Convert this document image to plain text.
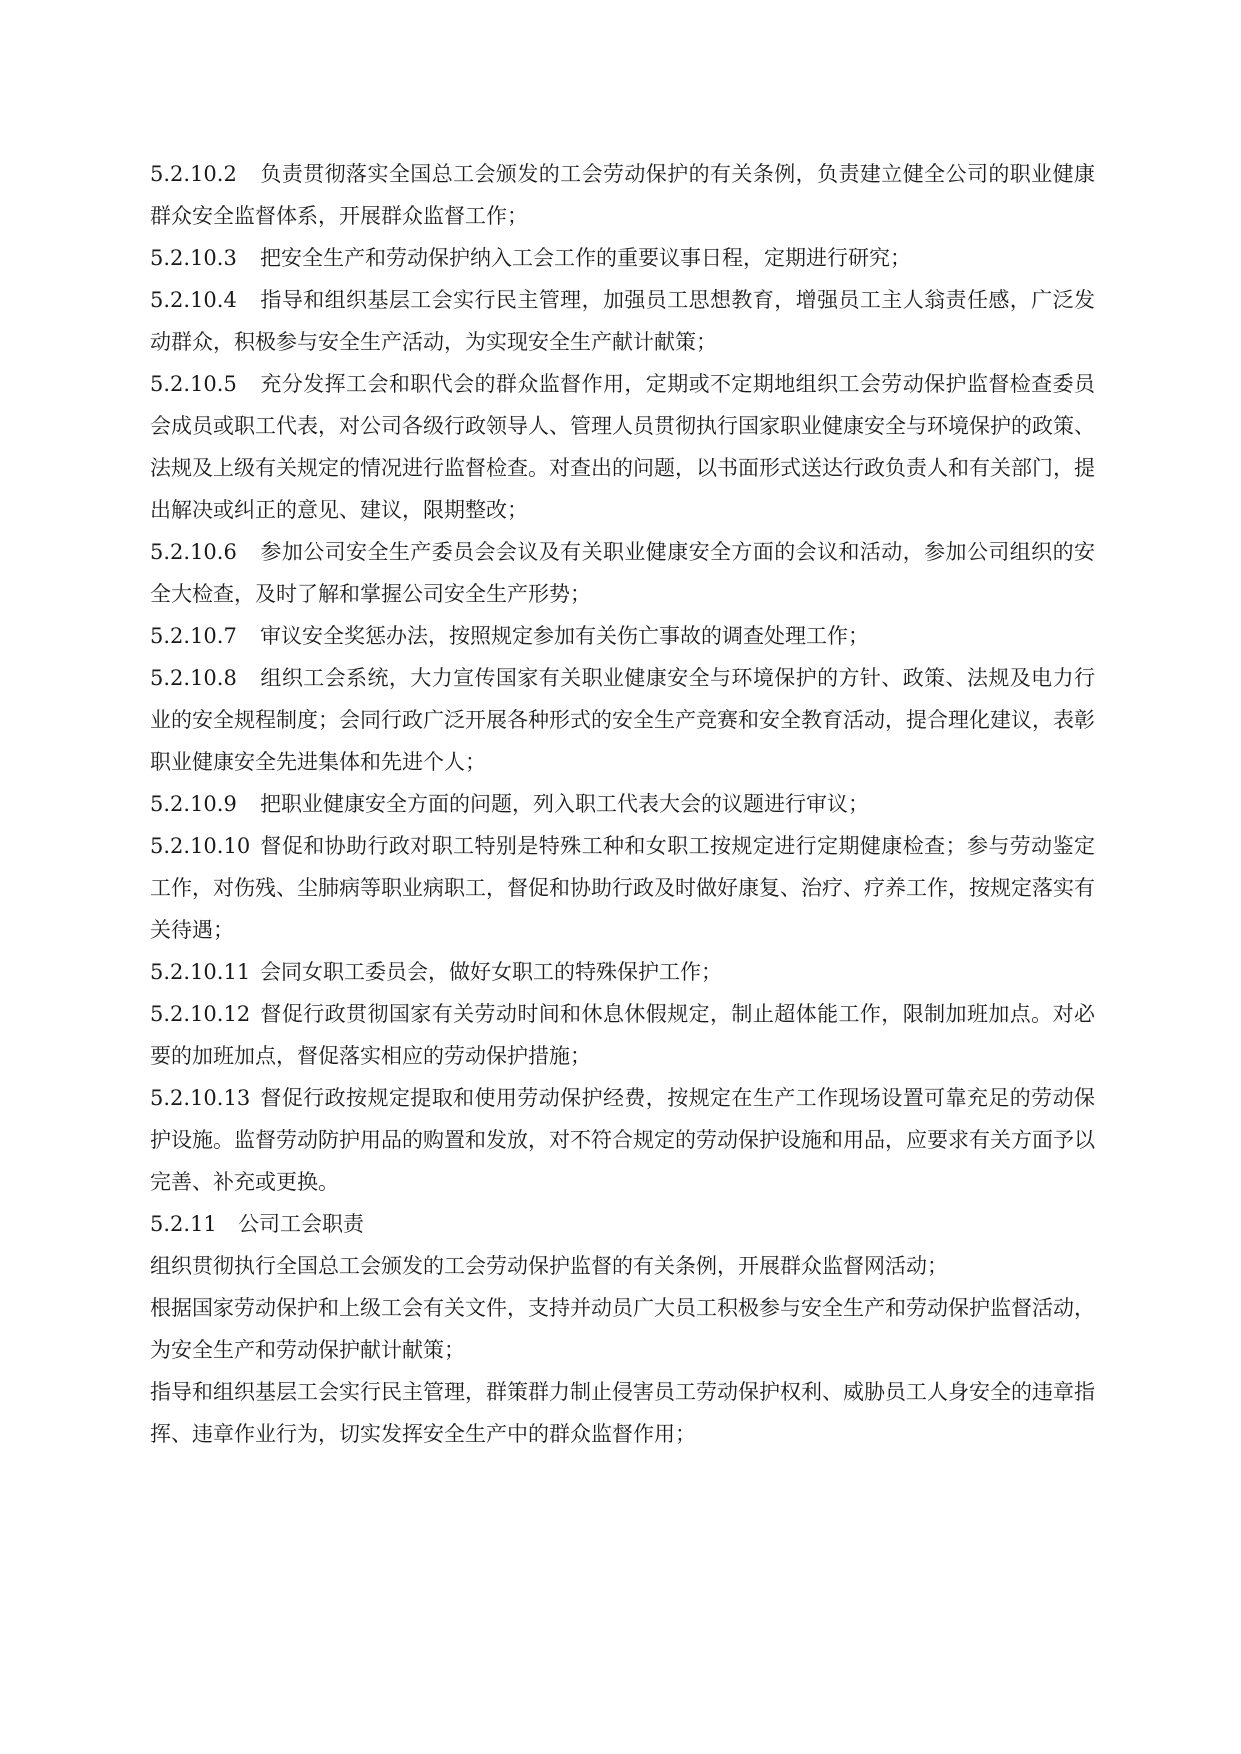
5.2.10.2 负责贯彻落实全国总工会颁发的工会劳动保护的有关条例，负责建立健全公司的职业健康群众安全监督体系，开展群众监督工作；

5.2.10.3 把安全生产和劳动保护纳入工会工作的重要议事日程，定期进行研究；

5.2.10.4 指导和组织基层工会实行民主管理，加强员工思想教育，增强员工主人翁责任感，广泛发动群众，积极参与安全生产活动，为实现安全生产献计献策；

5.2.10.5 充分发挥工会和职代会的群众监督作用，定期或不定期地组织工会劳动保护监督检查委员会成员或职工代表，对公司各级行政领导人、管理人员贯彻执行国家职业健康安全与环境保护的政策、法规及上级有关规定的情况进行监督检查。对查出的问题，以书面形式送达行政负责人和有关部门，提出解决或纠正的意见、建议，限期整改；

5.2.10.6 参加公司安全生产委员会会议及有关职业健康安全方面的会议和活动，参加公司组织的安全大检查，及时了解和掌握公司安全生产形势；

5.2.10.7 审议安全奖惩办法，按照规定参加有关伤亡事故的调查处理工作；

5.2.10.8 组织工会系统，大力宣传国家有关职业健康安全与环境保护的方针、政策、法规及电力行业的安全规程制度；会同行政广泛开展各种形式的安全生产竞赛和安全教育活动，提合理化建议，表彰职业健康安全先进集体和先进个人；

5.2.10.9 把职业健康安全方面的问题，列入职工代表大会的议题进行审议；

5.2.10.10 督促和协助行政对职工特别是特殊工种和女职工按规定进行定期健康检查；参与劳动鉴定工作，对伤残、尘肺病等职业病职工，督促和协助行政及时做好康复、治疗、疗养工作，按规定落实有关待遇；

5.2.10.11 会同女职工委员会，做好女职工的特殊保护工作；

5.2.10.12 督促行政贯彻国家有关劳动时间和休息休假规定，制止超体能工作，限制加班加点。对必要的加班加点，督促落实相应的劳动保护措施；

5.2.10.13 督促行政按规定提取和使用劳动保护经费，按规定在生产工作现场设置可靠充足的劳动保护设施。监督劳动防护用品的购置和发放，对不符合规定的劳动保护设施和用品，应要求有关方面予以完善、补充或更换。

5.2.11 公司工会职责

组织贯彻执行全国总工会颁发的工会劳动保护监督的有关条例，开展群众监督网活动；

根据国家劳动保护和上级工会有关文件，支持并动员广大员工积极参与安全生产和劳动保护监督活动，为安全生产和劳动保护献计献策；

指导和组织基层工会实行民主管理，群策群力制止侵害员工劳动保护权利、威胁员工人身安全的违章指挥、违章作业行为，切实发挥安全生产中的群众监督作用；
